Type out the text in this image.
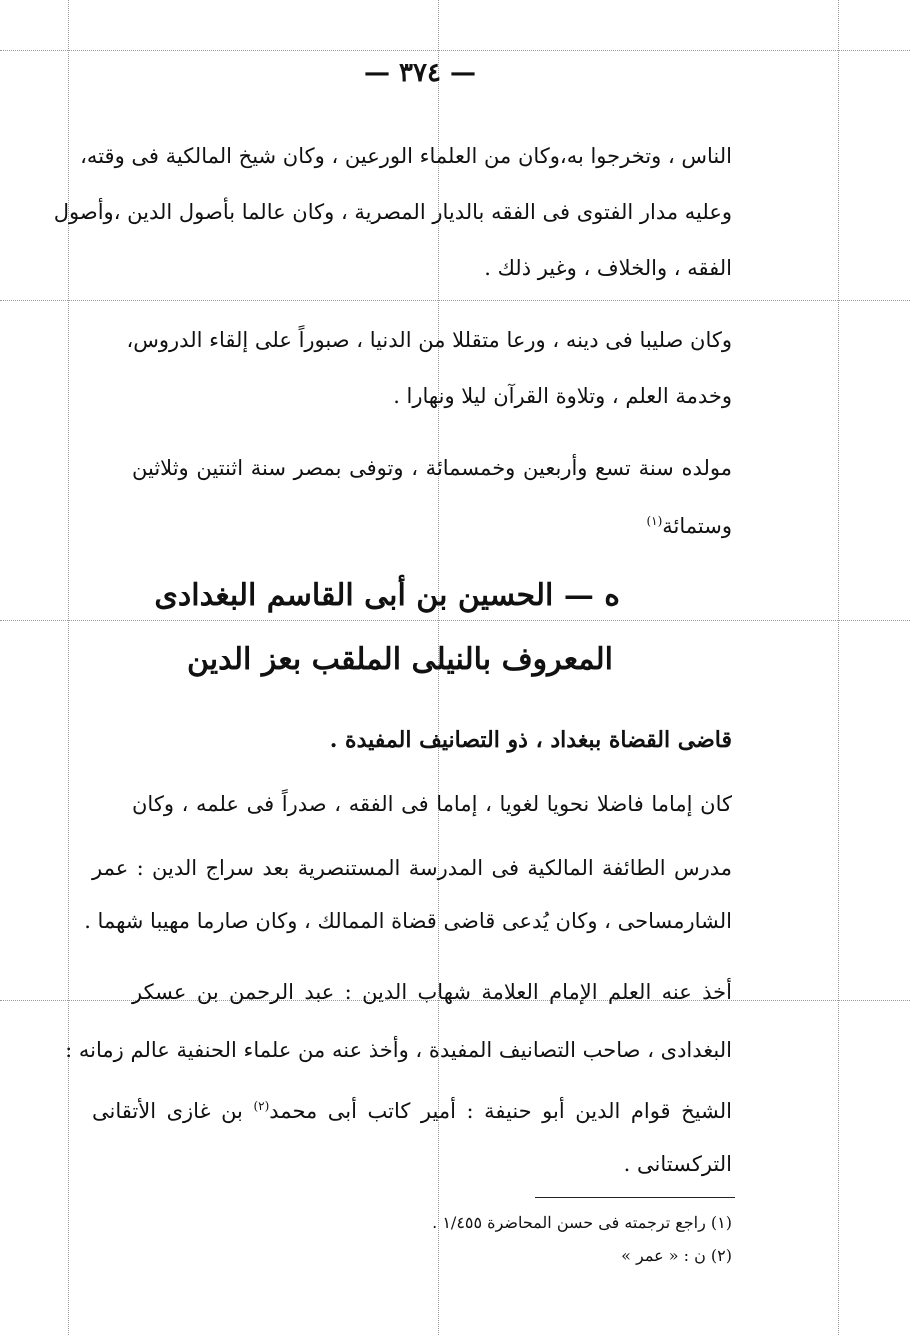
— ٣٧٤ —
الناس ، وتخرجوا به،وكان من العلماء الورعين ، وكان شيخ المالكية فى وقته،
وعليه مدار الفتوى فى الفقه بالديار المصرية ، وكان عالما بأصول الدين ،وأصول
الفقه ، والخلاف ، وغير ذلك .
وكان صليبا فى دينه ، ورعا متقللا من الدنيا ، صبوراً على إلقاء الدروس،
وخدمة العلم ، وتلاوة القرآن ليلا ونهارا .
مولده سنة تسع وأربعين وخمسمائة ، وتوفى بمصر سنة اثنتين وثلاثين
وستمائة$^{(١)}$
ه — الحسين بن أبى القاسم البغدادى
المعروف بالنيلى الملقب بعز الدين
قاضى القضاة ببغداد ، ذو التصانيف المفيدة .
كان إماما فاضلا نحويا لغويا ، إماما فى الفقه ، صدراً فى علمه ، وكان
مدرس الطائفة المالكية فى المدرسة المستنصرية بعد سراج الدين : عمر
الشارمساحى ، وكان يُدعى قاضى قضاة الممالك ، وكان صارما مهيبا شهما .
أخذ عنه العلم الإمام العلامة شهاب الدين : عبد الرحمن بن عسكر
البغدادى ، صاحب التصانيف المفيدة ، وأخذ عنه من علماء الحنفية عالم زمانه :
الشيخ قوام الدين أبو حنيفة : أمير كاتب أبى محمد$^{(٢)}$ بن غازى الأتقانى
التركستانى .
(١) راجع ترجمته فى حسن المحاضرة ١/٤٥٥ .
(٢) ن : « عمر »
